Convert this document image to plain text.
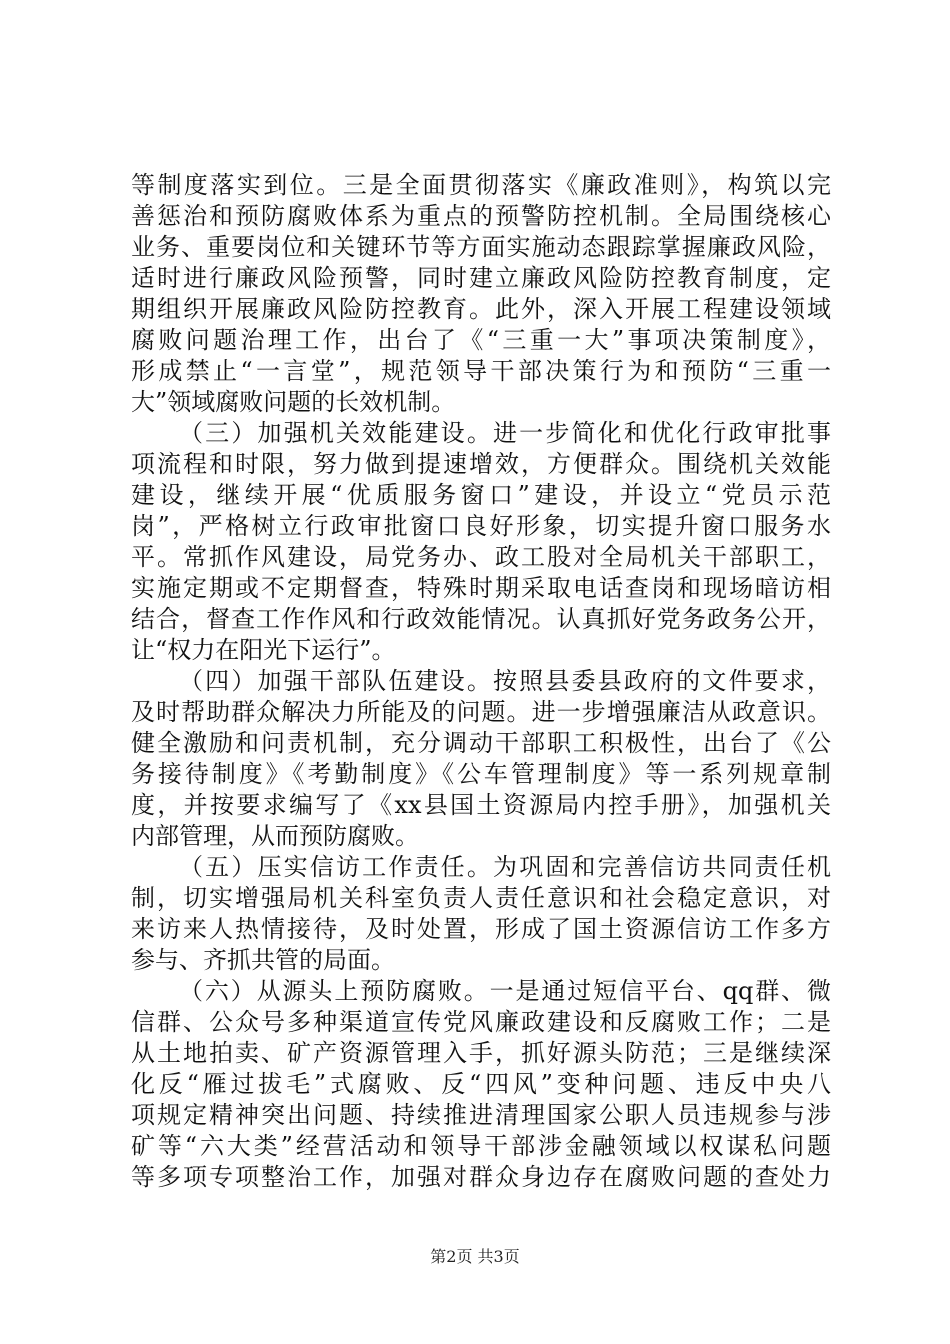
等制度落实到位。三是全面贯彻落实《廉政准则》，构筑以完
善惩治和预防腐败体系为重点的预警防控机制。全局围绕核心
业务、重要岗位和关键环节等方面实施动态跟踪掌握廉政风险，
适时进行廉政风险预警，同时建立廉政风险防控教育制度，定
期组织开展廉政风险防控教育。此外，深入开展工程建设领域
腐败问题治理工作，出台了《“三重一大”事项决策制度》，
形成禁止“一言堂”，规范领导干部决策行为和预防“三重一
大”领域腐败问题的长效机制。
（三）加强机关效能建设。进一步简化和优化行政审批事
项流程和时限，努力做到提速增效，方便群众。围绕机关效能
建设，继续开展“优质服务窗口”建设，并设立“党员示范
岗”，严格树立行政审批窗口良好形象，切实提升窗口服务水
平。常抓作风建设，局党务办、政工股对全局机关干部职工，
实施定期或不定期督查，特殊时期采取电话查岗和现场暗访相
结合，督查工作作风和行政效能情况。认真抓好党务政务公开，
让“权力在阳光下运行”。
（四）加强干部队伍建设。按照县委县政府的文件要求，
及时帮助群众解决力所能及的问题。进一步增强廉洁从政意识。
健全激励和问责机制，充分调动干部职工积极性，出台了《公
务接待制度》《考勤制度》《公车管理制度》等一系列规章制
度，并按要求编写了《xx县国土资源局内控手册》，加强机关
内部管理，从而预防腐败。
（五）压实信访工作责任。为巩固和完善信访共同责任机
制，切实增强局机关科室负责人责任意识和社会稳定意识，对
来访来人热情接待，及时处置，形成了国土资源信访工作多方
参与、齐抓共管的局面。
（六）从源头上预防腐败。一是通过短信平台、qq群、微
信群、公众号多种渠道宣传党风廉政建设和反腐败工作；二是
从土地拍卖、矿产资源管理入手，抓好源头防范；三是继续深
化反“雁过拔毛”式腐败、反“四风”变种问题、违反中央八
项规定精神突出问题、持续推进清理国家公职人员违规参与涉
矿等“六大类”经营活动和领导干部涉金融领域以权谋私问题
等多项专项整治工作，加强对群众身边存在腐败问题的查处力
第2页 共3页
